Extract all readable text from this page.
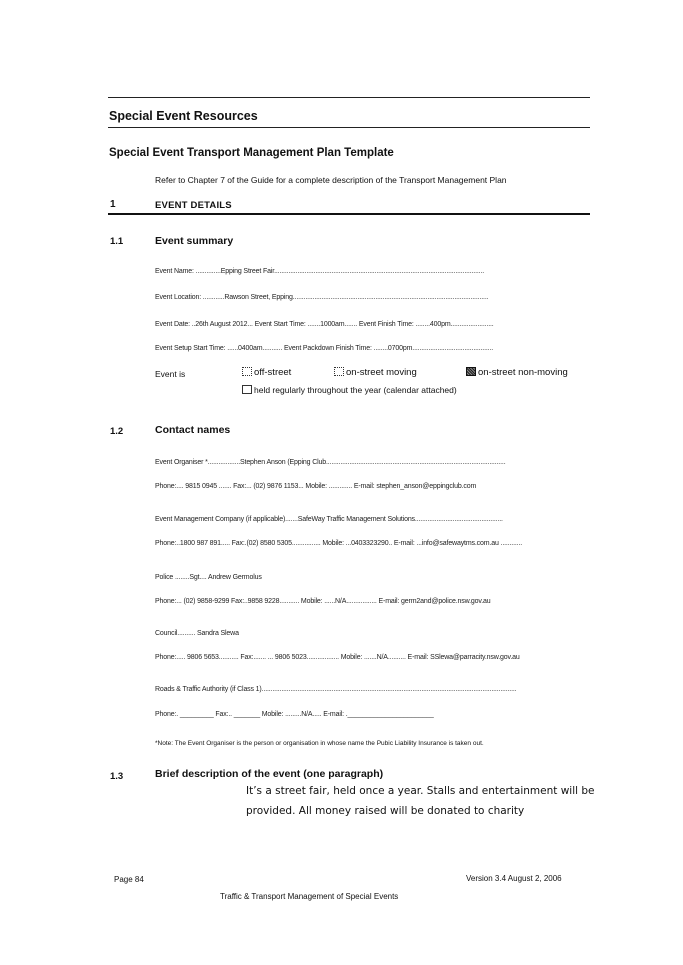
Special Event Resources
Special Event Transport Management Plan Template
Refer to Chapter 7 of the Guide for a complete description of the Transport Management Plan
1	EVENT DETAILS
1.1	Event summary
Event Name: ..............Epping Street Fair.....................................................................................................................
Event Location: ............Rawson Street, Epping.............................................................................................................
Event Date: ..26th August 2012... Event Start Time: .......1000am....... Event Finish Time: ........400pm........................
Event Setup Start Time: ......0400am........... Event Packdown Finish Time: ........0700pm.............................................
Event is	off-street	on-street moving	on-street non-moving
held regularly throughout the year (calendar attached)
1.2	Contact names
Event Organiser *..................Stephen Anson (Epping Club....................................................................................................
Phone:.... 9815 0945 ....... Fax:... (02) 9876 1153... Mobile: ............. E-mail: stephen_anson@eppingclub.com
Event Management Company (if applicable).......SafeWay Traffic Management Solutions.................................................
Phone:..1800 987 891..... Fax:.(02) 8580 5305................ Mobile: ...0403323290.. E-mail: ...info@safewaytms.com.au ............
Police ........Sgt.... Andrew Germolus
Phone:... (02) 9858-9299 Fax:..9858 9228........... Mobile: ......N/A................. E-mail: germ2and@police.nsw.gov.au
Council.......... Sandra Slewa
Phone:..... 9806 5653........... Fax:....... ... 9806 5023.................. Mobile: .......N/A.......... E-mail: SSlewa@parracity.nsw.gov.au
Roads & Traffic Authority (if Class 1)..............................................................................................................................................
Phone:. _________ Fax:.. _______ Mobile: .........N/A..... E-mail: ._______________________
*Note: The Event Organiser is the person or organisation in whose name the Pubic Liability Insurance is taken out.
1.3	Brief description of the event (one paragraph)
It’s a street fair, held once a year. Stalls and entertainment will be
provided. All money raised will be donated to charity
Page 84	Version 3.4 August 2, 2006
Traffic & Transport Management of Special Events
